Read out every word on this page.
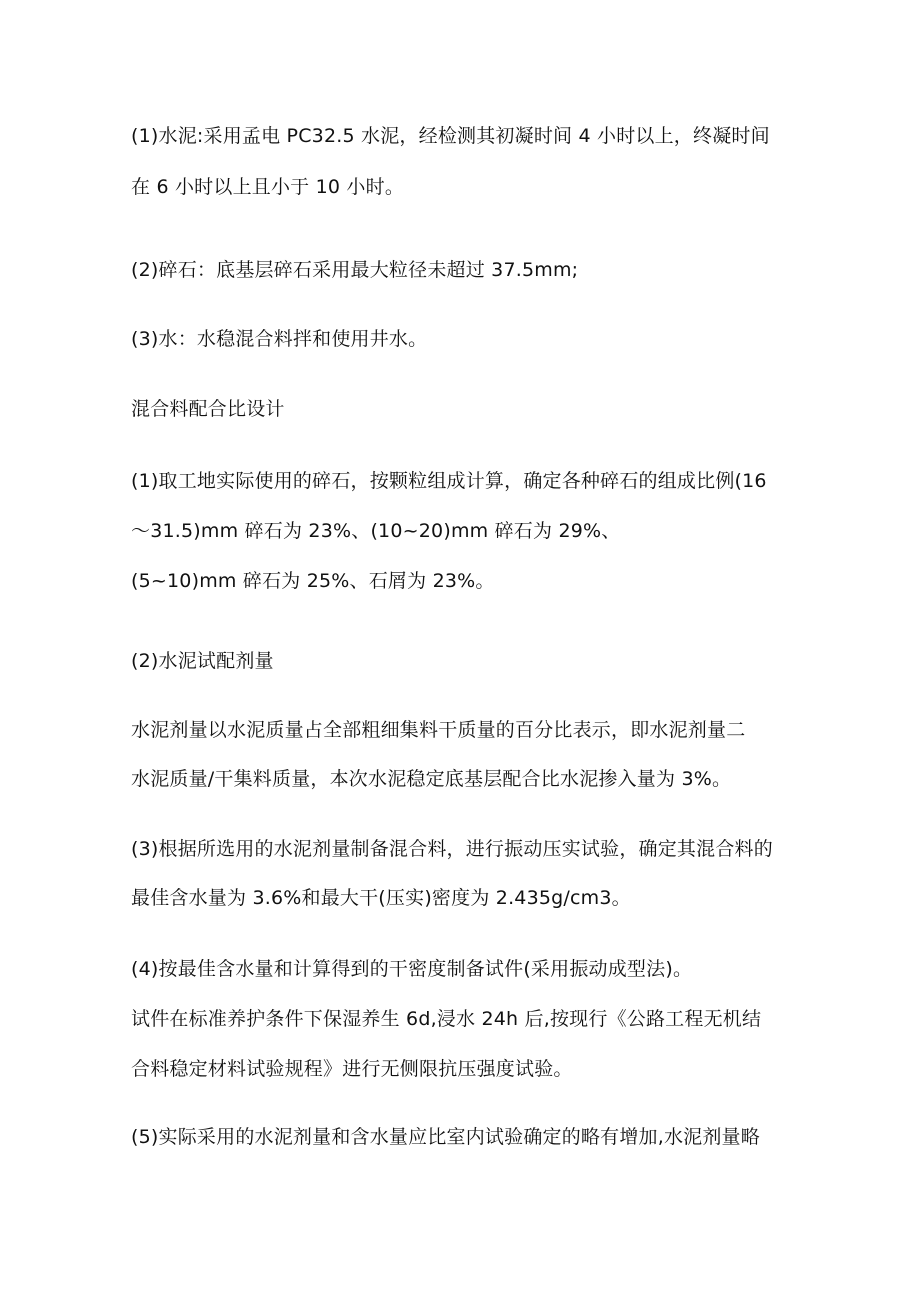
(1)水泥:采用孟电 PC32.5 水泥，经检测其初凝时间 4 小时以上，终凝时间
在 6 小时以上且小于 10 小时。
(2)碎石：底基层碎石采用最大粒径未超过 37.5mm;
(3)水：水稳混合料拌和使用井水。
混合料配合比设计
(1)取工地实际使用的碎石，按颗粒组成计算，确定各种碎石的组成比例(16
～31.5)mm 碎石为 23%、(10~20)mm 碎石为 29%、
(5~10)mm 碎石为 25%、石屑为 23%。
(2)水泥试配剂量
水泥剂量以水泥质量占全部粗细集料干质量的百分比表示，即水泥剂量二
水泥质量/干集料质量，本次水泥稳定底基层配合比水泥掺入量为 3%。
(3)根据所选用的水泥剂量制备混合料，进行振动压实试验，确定其混合料的
最佳含水量为 3.6%和最大干(压实)密度为 2.435g/cm3。
(4)按最佳含水量和计算得到的干密度制备试件(采用振动成型法)。
试件在标准养护条件下保湿养生 6d,浸水 24h 后,按现行《公路工程无机结
合料稳定材料试验规程》进行无侧限抗压强度试验。
(5)实际采用的水泥剂量和含水量应比室内试验确定的略有增加,水泥剂量略
